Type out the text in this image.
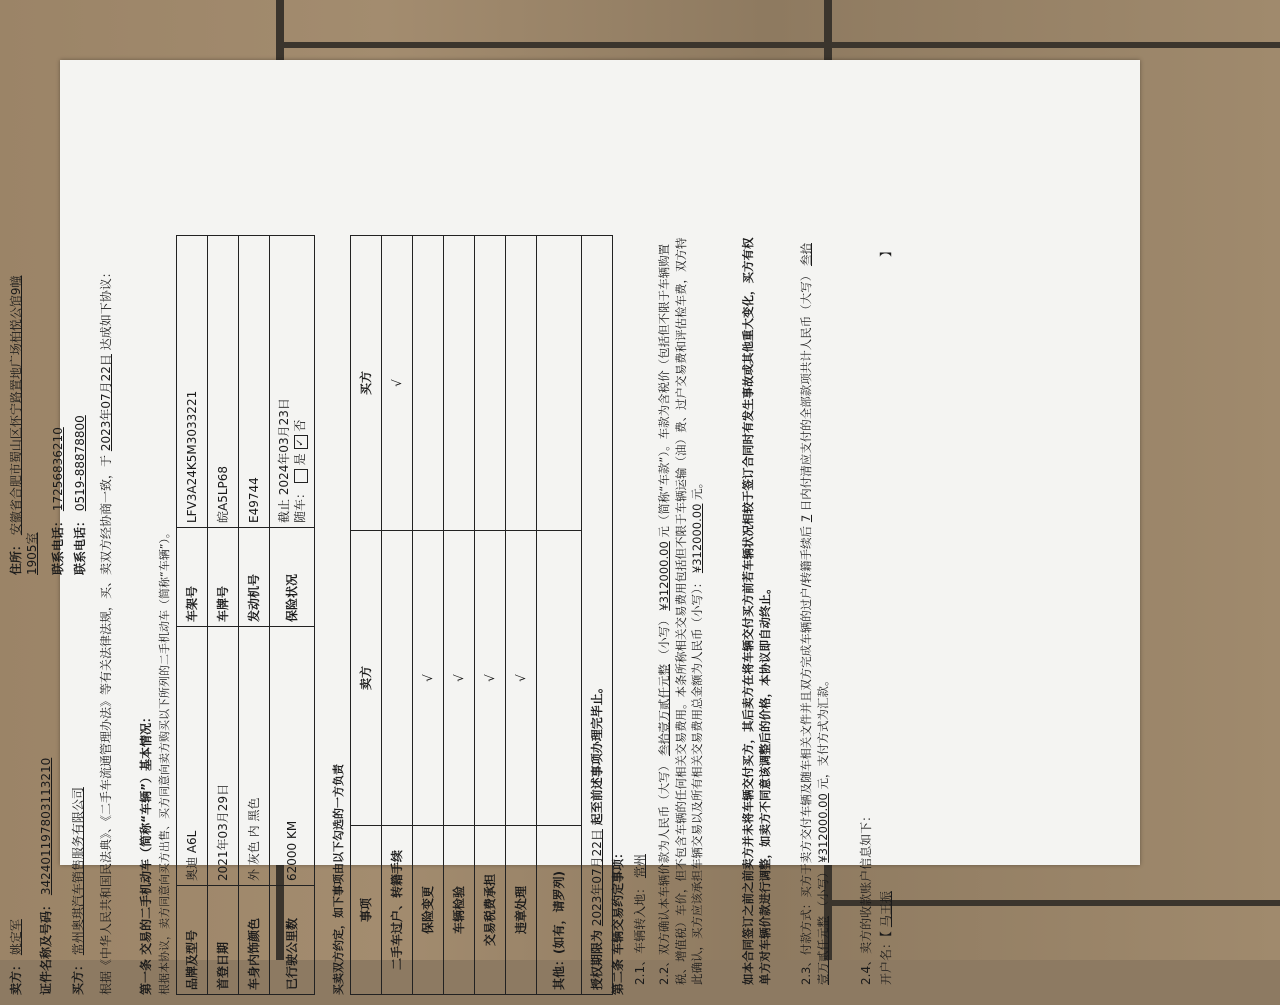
卖方： 姚定军
住所： 安徽省合肥市蜀山区怀宁路置地广场柏悦公馆9幢1905室
证件名称及号码： 342401197803113210
联系电话： 17256836210
买方： 常州奥琪汽车销售服务有限公司
联系电话： 0519-88878800 根据《中华人民共和国民法典》、《二手车流通管理办法》等有关法律法规，买、卖双方经协商一致，于 2023年07月22日 达成如下协议：
第一条 交易的二手机动车（简称“车辆”）基本情况： 根据本协议，卖方同意向买方出售、买方同意向卖方购买以下所列的二手机动车（简称“车辆”）。 品牌及型号	奥迪 A6L	车架号	LFV3A24K5M3033221
首登日期	2021年03月29日	车牌号	皖A5LP68
车身内饰颜色	外 灰色 内 黑色	发动机号	E49744
已行驶公里数	62000 KM	保险状况	截止 2024年03月23日 随车：  是 ✓ 否
买卖双方约定，如下事项由以下勾选的一方负责 事项	卖方	买方
二手车过户、转籍手续		√
保险变更	√	
车辆检验	√	
交易税费承担	√	
违章处理	√	
其他：(如有，请罗列)		
授权期限为 2023年07月22日 起至前述事项办理完毕止。		
第二条 车辆交易约定事项： 2.1、车辆转入地： 常州 2.2、双方确认本车辆价款为人民币（大写） 叁拾壹万贰仟元整 （小写） ¥312000.00 元（简称“车款”）。车款为含税价（包括但不限于车辆购置税、增值税）车价，但不包含车辆的任何相关交易费用。本条所称相关交易费用包括但不限于车辆运输（油）费、过户交易费和评估检车费，双方特此确认，买方应该承担车辆交易以及所有相关交易费用总金额为人民币（小写）： ¥312000.00 元。	如本合同签订之前之前卖方并未将车辆交付买方，其后卖方在将车辆交付买方前若车辆状况相较于签订合同时有发生事故或其他重大变化，买方有权单方对车辆价款进行调整，如卖方不同意该调整后的价格，本协议即自动终止。 2.3、付款方式：买方于卖方交付车辆及随车相关文件并且双方完成车辆的过户/转籍手续后 7 日内付清应支付的全部款项共计人民币（大写） 叁拾壹万贰仟元整 （小写） ¥312000.00 元，支付方式为汇款。
2.4、卖方的收款账户信息如下： 开户名：【 马王振
】
